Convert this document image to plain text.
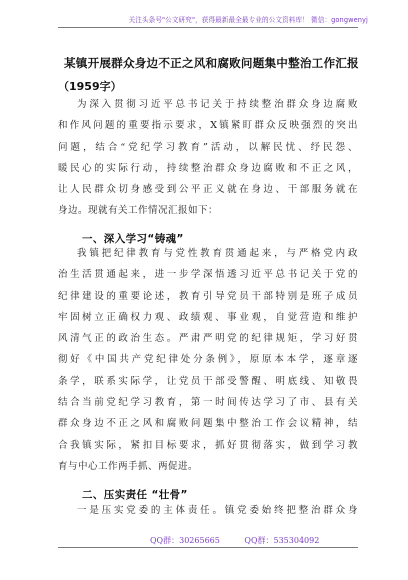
关注头条号"公文研究"，获得最新最全最专业的公文资料库！ 微信：gongwenyj
某镇开展群众身边不正之风和腐败问题集中整治工作汇报
（1959字）
为深入贯彻习近平总书记关于持续整治群众身边腐败
和作风问题的重要指示要求，X镇紧盯群众反映强烈的突出
问题，结合“党纪学习教育”活动，以解民忧、纾民怨、
暖民心的实际行动，持续整治群众身边腐败和不正之风，
让人民群众切身感受到公平正义就在身边、干部服务就在
身边。现就有关工作情况汇报如下：
一、深入学习“铸魂”
我镇把纪律教育与党性教育贯通起来，与严格党内政
治生活贯通起来，进一步学深悟透习近平总书记关于党的
纪律建设的重要论述，教育引导党员干部特别是班子成员
牢固树立正确权力观、政绩观、事业观，自觉营造和维护
风清气正的政治生态。严肃严明党的纪律规矩，学习好贯
彻好《中国共产党纪律处分条例》，原原本本学，逐章逐
条学，联系实际学，让党员干部受警醒、明底线、知敬畏
结合当前党纪学习教育，第一时间传达学习了市、县有关
群众身边不正之风和腐败问题集中整治工作会议精神，结
合我镇实际，紧扣目标要求，抓好贯彻落实，做到学习教
育与中心工作两手抓、两促进。
二、压实责任 “壮骨”
一是压实党委的主体责任。镇党委始终把整治群众身
QQ群：30265665	QQ群：535304092
